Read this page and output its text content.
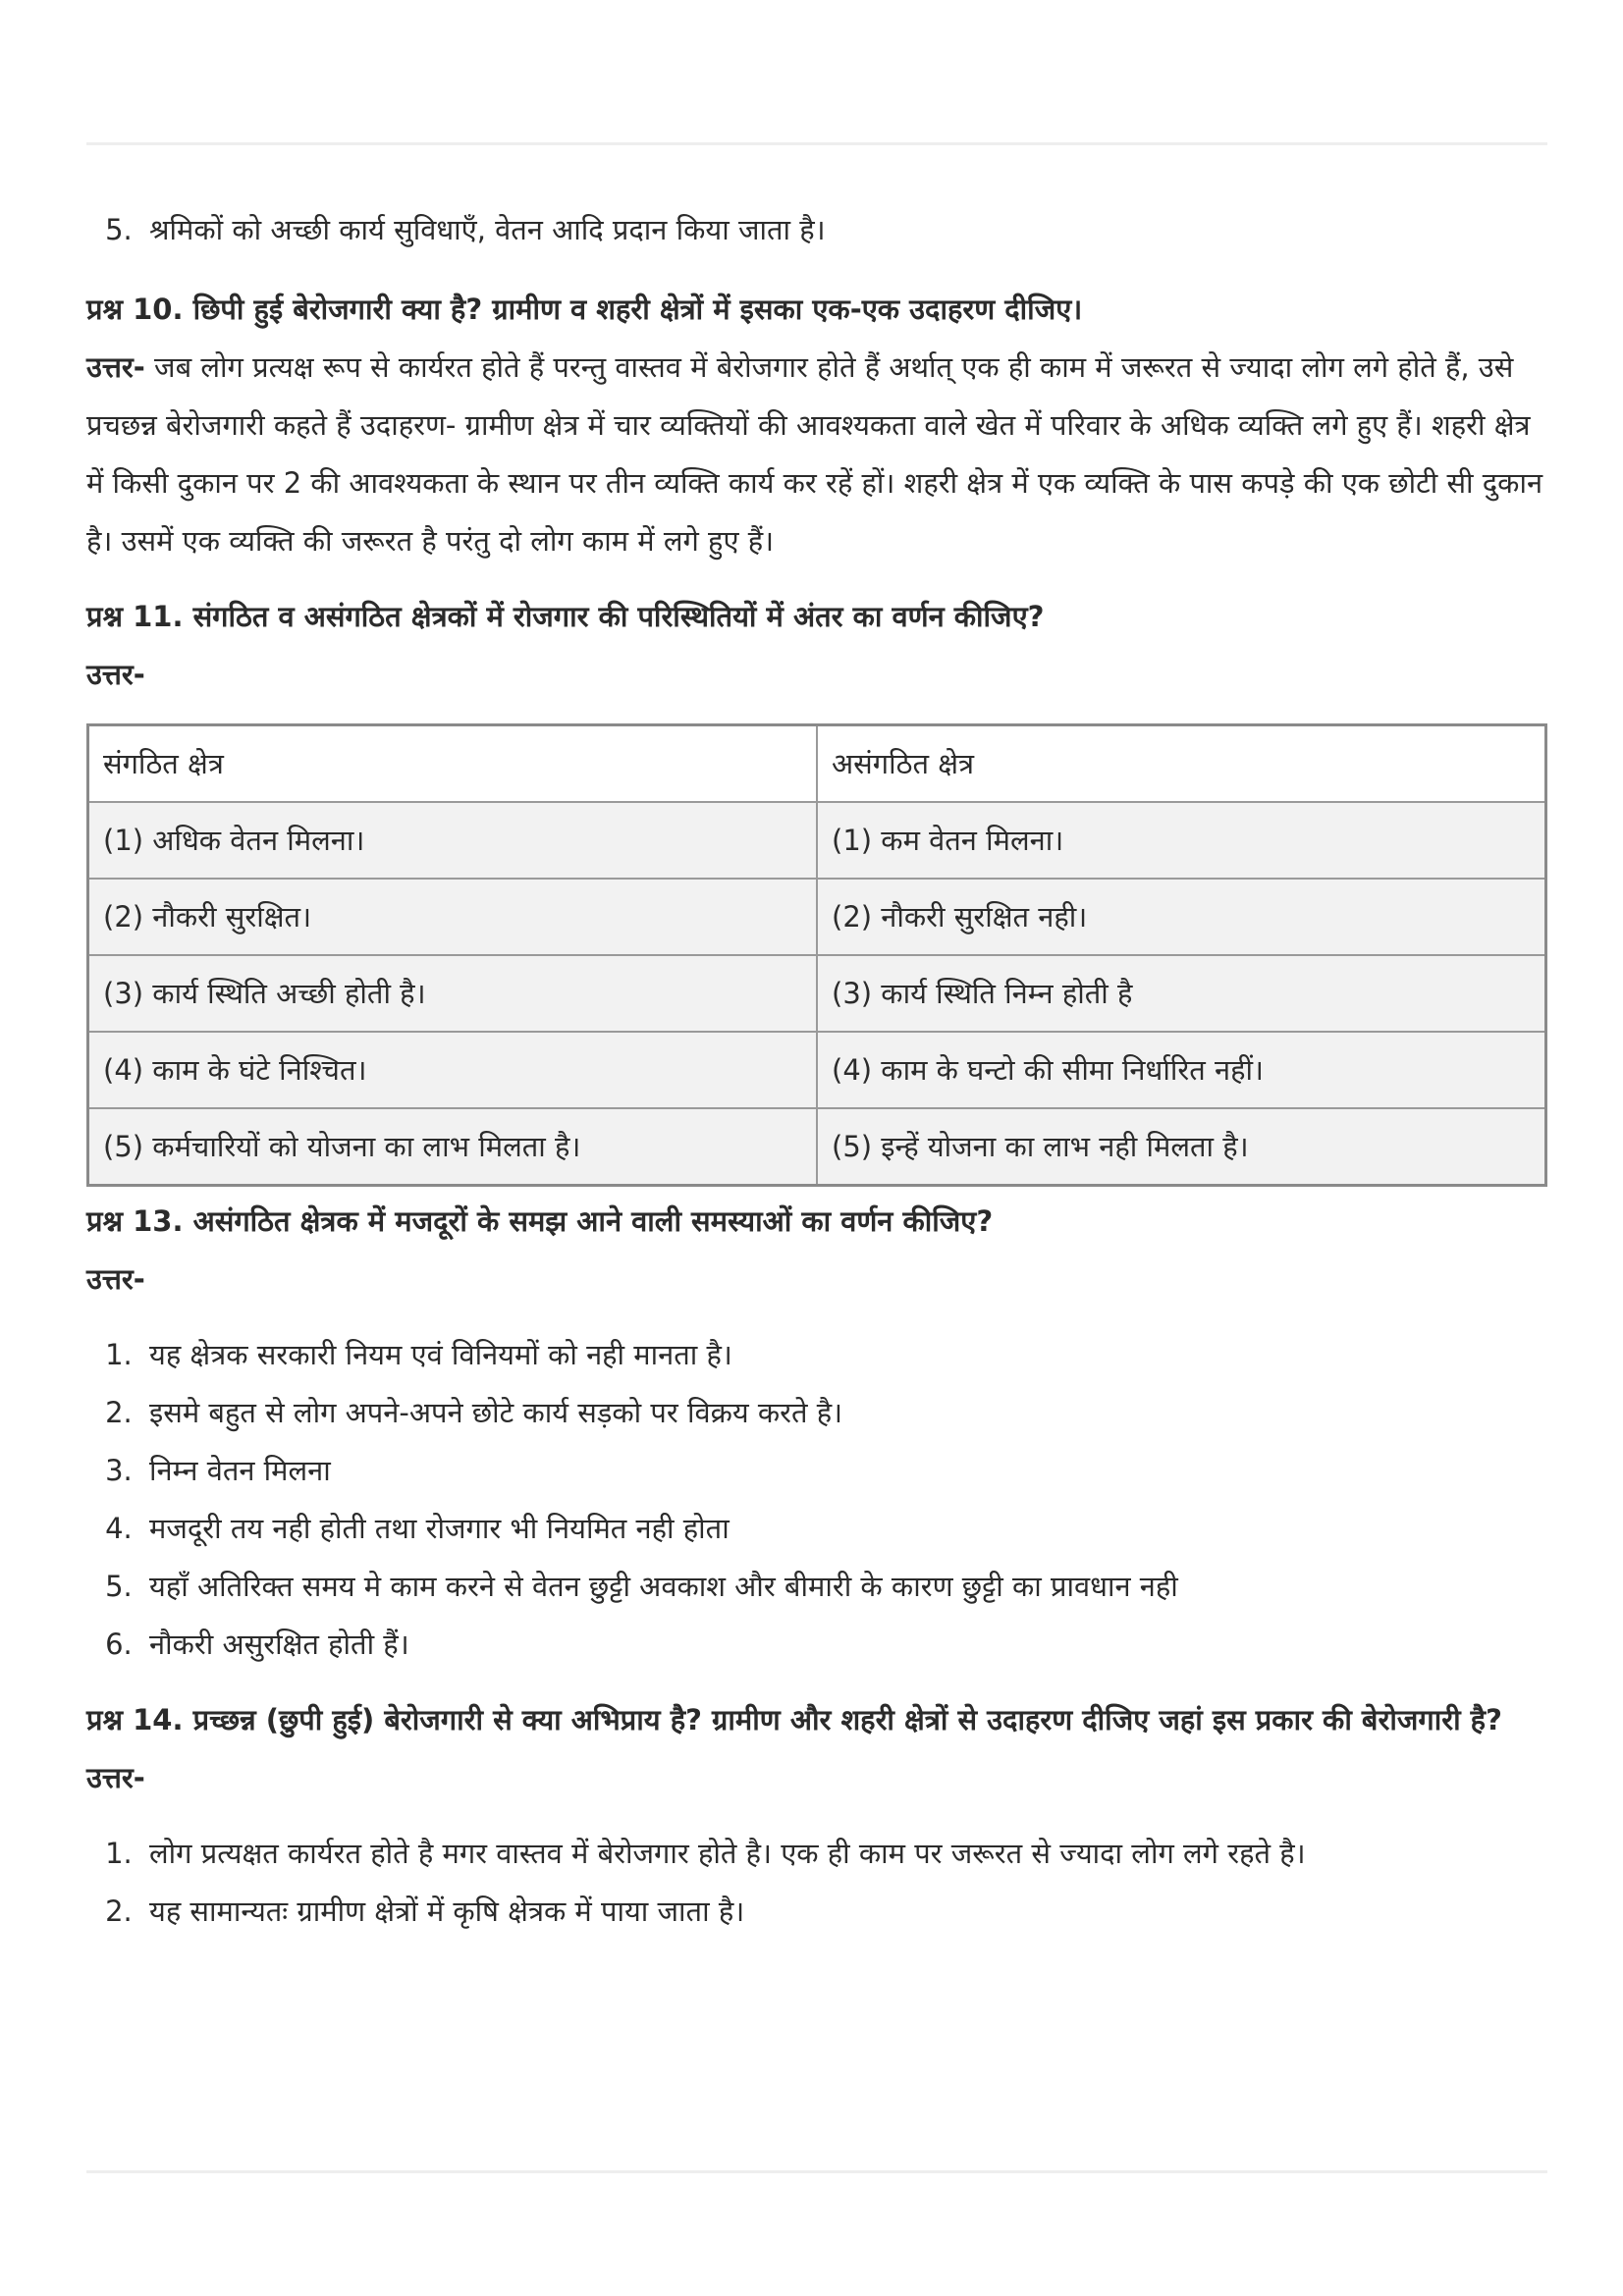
5. श्रमिकों को अच्छी कार्य सुविधाएँ, वेतन आदि प्रदान किया जाता है।

प्रश्न 10. छिपी हुई बेरोजगारी क्या है? ग्रामीण व शहरी क्षेत्रों में इसका एक-एक उदाहरण दीजिए।

उत्तर- जब लोग प्रत्यक्ष रूप से कार्यरत होते हैं परन्तु वास्तव में बेरोजगार होते हैं अर्थात् एक ही काम में जरूरत से ज्यादा लोग लगे होते हैं, उसे प्रचछन्न बेरोजगारी कहते हैं उदाहरण- ग्रामीण क्षेत्र में चार व्यक्तियों की आवश्यकता वाले खेत में परिवार के अधिक व्यक्ति लगे हुए हैं। शहरी क्षेत्र में किसी दुकान पर 2 की आवश्यकता के स्थान पर तीन व्यक्ति कार्य कर रहें हों। शहरी क्षेत्र में एक व्यक्ति के पास कपड़े की एक छोटी सी दुकान है। उसमें एक व्यक्ति की जरूरत है परंतु दो लोग काम में लगे हुए हैं।

प्रश्न 11. संगठित व असंगठित क्षेत्रकों में रोजगार की परिस्थितियों में अंतर का वर्णन कीजिए?

उत्तर-

संगठित क्षेत्र	असंगठित क्षेत्र
(1) अधिक वेतन मिलना।	(1) कम वेतन मिलना।
(2) नौकरी सुरक्षित।	(2) नौकरी सुरक्षित नही।
(3) कार्य स्थिति अच्छी होती है।	(3) कार्य स्थिति निम्न होती है
(4) काम के घंटे निश्चित।	(4) काम के घन्टो की सीमा निर्धारित नहीं।
(5) कर्मचारियों को योजना का लाभ मिलता है।	(5) इन्हें योजना का लाभ नही मिलता है।

प्रश्न 13. असंगठित क्षेत्रक में मजदूरों के समझ आने वाली समस्याओं का वर्णन कीजिए?

उत्तर-

1. यह क्षेत्रक सरकारी नियम एवं विनियमों को नही मानता है।
2. इसमे बहुत से लोग अपने-अपने छोटे कार्य सड़को पर विक्रय करते है।
3. निम्न वेतन मिलना
4. मजदूरी तय नही होती तथा रोजगार भी नियमित नही होता
5. यहाँ अतिरिक्त समय मे काम करने से वेतन छुट्टी अवकाश और बीमारी के कारण छुट्टी का प्रावधान नही
6. नौकरी असुरक्षित होती हैं।

प्रश्न 14. प्रच्छन्न (छुपी हुई) बेरोजगारी से क्या अभिप्राय है? ग्रामीण और शहरी क्षेत्रों से उदाहरण दीजिए जहां इस प्रकार की बेरोजगारी है?

उत्तर-

1. लोग प्रत्यक्षत कार्यरत होते है मगर वास्तव में बेरोजगार होते है। एक ही काम पर जरूरत से ज्यादा लोग लगे रहते है।
2. यह सामान्यतः ग्रामीण क्षेत्रों में कृषि क्षेत्रक में पाया जाता है।
